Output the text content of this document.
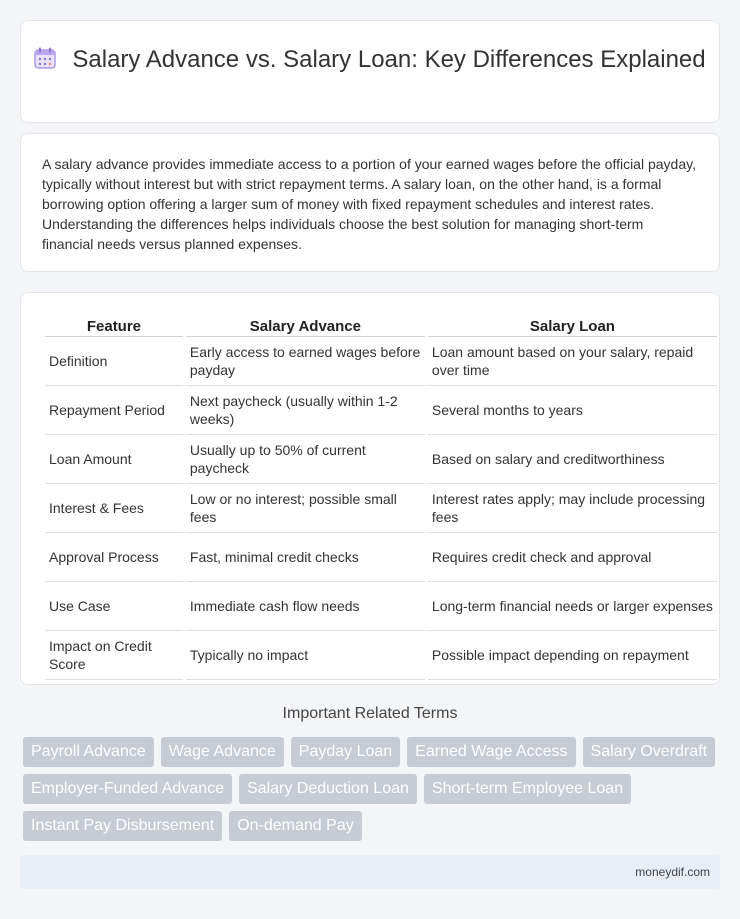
Salary Advance vs. Salary Loan: Key Differences Explained

A salary advance provides immediate access to a portion of your earned wages before the official payday, typically without interest but with strict repayment terms. A salary loan, on the other hand, is a formal borrowing option offering a larger sum of money with fixed repayment schedules and interest rates. Understanding the differences helps individuals choose the best solution for managing short-term financial needs versus planned expenses.

Feature	Salary Advance	Salary Loan
Definition	Early access to earned wages before payday	Loan amount based on your salary, repaid over time
Repayment Period	Next paycheck (usually within 1-2 weeks)	Several months to years
Loan Amount	Usually up to 50% of current paycheck	Based on salary and creditworthiness
Interest & Fees	Low or no interest; possible small fees	Interest rates apply; may include processing fees
Approval Process	Fast, minimal credit checks	Requires credit check and approval
Use Case	Immediate cash flow needs	Long-term financial needs or larger expenses
Impact on Credit Score	Typically no impact	Possible impact depending on repayment
Important Related Terms
Payroll Advance	Wage Advance	Payday Loan	Earned Wage Access	Salary Overdraft
Employer-Funded Advance	Salary Deduction Loan	Short-term Employee Loan
Instant Pay Disbursement	On-demand Pay
moneydif.com
